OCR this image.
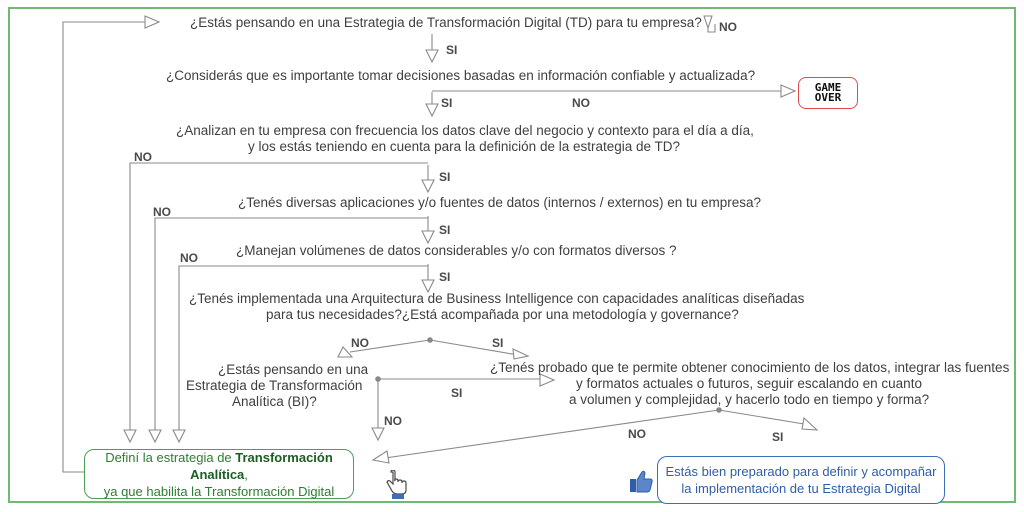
¿Estás pensando en una Estrategia de Transformación Digital (TD) para tu empresa?
¿Considerás que es importante tomar decisiones basadas en información confiable y actualizada?
¿Analizan en tu empresa con frecuencia los datos clave del negocio y contexto para el día a día,
y los estás teniendo en cuenta para la definición de la estrategia de TD?
¿Tenés diversas aplicaciones y/o fuentes de datos (internos / externos) en tu empresa?
¿Manejan volúmenes de datos considerables y/o con formatos diversos ?
¿Tenés implementada una Arquitectura de Business Intelligence con capacidades analíticas diseñadas
para tus necesidades?¿Está acompañada por una metodología y governance?
¿Estás pensando en una
Estrategia de Transformación
Analítica (BI)?
¿Tenés probado que te permite obtener conocimiento de los datos, integrar las fuentes
y formatos actuales o futuros, seguir escalando en cuanto
a volumen y complejidad, y hacerlo todo en tiempo y forma?
NO
SI
SI	NO
NO
SI
NO
SI
NO
SI
NO	SI
SI
NO
NO	SI
GAME
OVER
Definí la estrategia de Transformación Analítica,
ya que habilita la Transformación Digital
Estás bien preparado para definir y acompañar
la implementación de tu Estrategia Digital
